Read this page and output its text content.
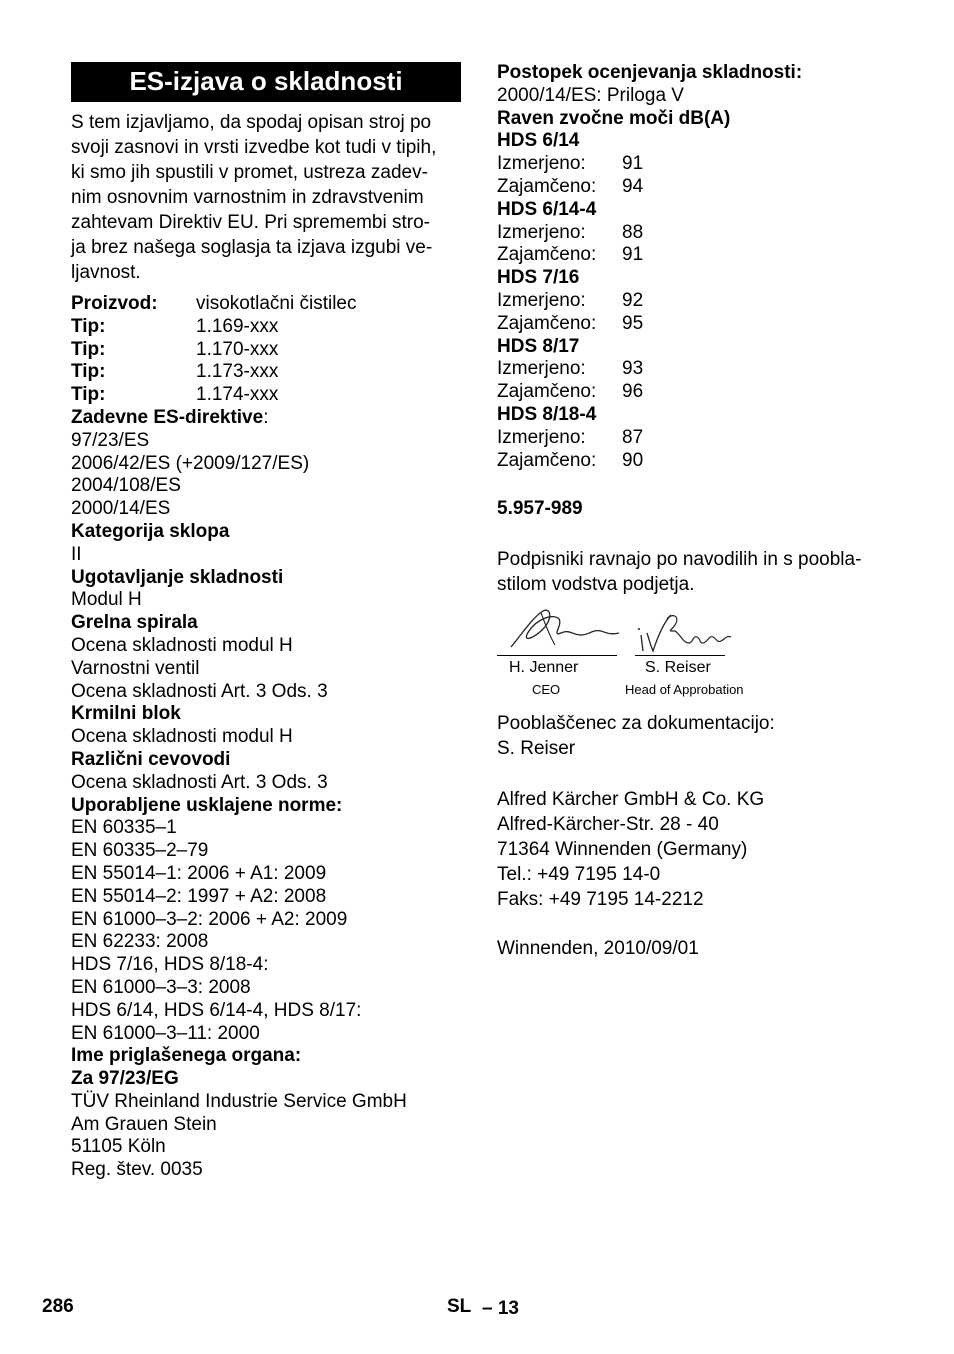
ES-izjava o skladnosti
S tem izjavljamo, da spodaj opisan stroj po
svoji zasnovi in vrsti izvedbe kot tudi v tipih,
ki smo jih spustili v promet, ustreza zadev-
nim osnovnim varnostnim in zdravstvenim
zahtevam Direktiv EU. Pri spremembi stro-
ja brez našega soglasja ta izjava izgubi ve-
ljavnost.
Proizvod: visokotlačni čistilec
Tip:	1.169-xxx
Tip:	1.170-xxx
Tip:	1.173-xxx
Tip:	1.174-xxx
Zadevne ES-direktive:
97/23/ES
2006/42/ES (+2009/127/ES)
2004/108/ES
2000/14/ES
Kategorija sklopa
II
Ugotavljanje skladnosti
Modul H
Grelna spirala
Ocena skladnosti modul H
Varnostni ventil
Ocena skladnosti Art. 3 Ods. 3
Krmilni blok
Ocena skladnosti modul H
Različni cevovodi
Ocena skladnosti Art. 3 Ods. 3
Uporabljene usklajene norme:
EN 60335–1
EN 60335–2–79
EN 55014–1: 2006 + A1: 2009
EN 55014–2: 1997 + A2: 2008
EN 61000–3–2: 2006 + A2: 2009
EN 62233: 2008
HDS 7/16, HDS 8/18-4:
EN 61000–3–3: 2008
HDS 6/14, HDS 6/14-4, HDS 8/17:
EN 61000–3–11: 2000
Ime priglašenega organa:
Za 97/23/EG
TÜV Rheinland Industrie Service GmbH
Am Grauen Stein
51105 Köln
Reg. štev. 0035
Postopek ocenjevanja skladnosti:
2000/14/ES: Priloga V
Raven zvočne moči dB(A)
HDS 6/14
Izmerjeno: 91
Zajamčeno: 94
HDS 6/14-4
Izmerjeno: 88
Zajamčeno: 91
HDS 7/16
Izmerjeno: 92
Zajamčeno: 95
HDS 8/17
Izmerjeno: 93
Zajamčeno: 96
HDS 8/18-4
Izmerjeno: 87
Zajamčeno: 90
5.957-989
Podpisniki ravnajo po navodilih in s poobla-
stilom vodstva podjetja.
H. Jenner	S. Reiser
CEO	Head of Approbation
Pooblaščenec za dokumentacijo:
S. Reiser
Alfred Kärcher GmbH & Co. KG
Alfred-Kärcher-Str. 28 - 40
71364 Winnenden (Germany)
Tel.: +49 7195 14-0
Faks: +49 7195 14-2212
Winnenden, 2010/09/01
286	SL – 13
